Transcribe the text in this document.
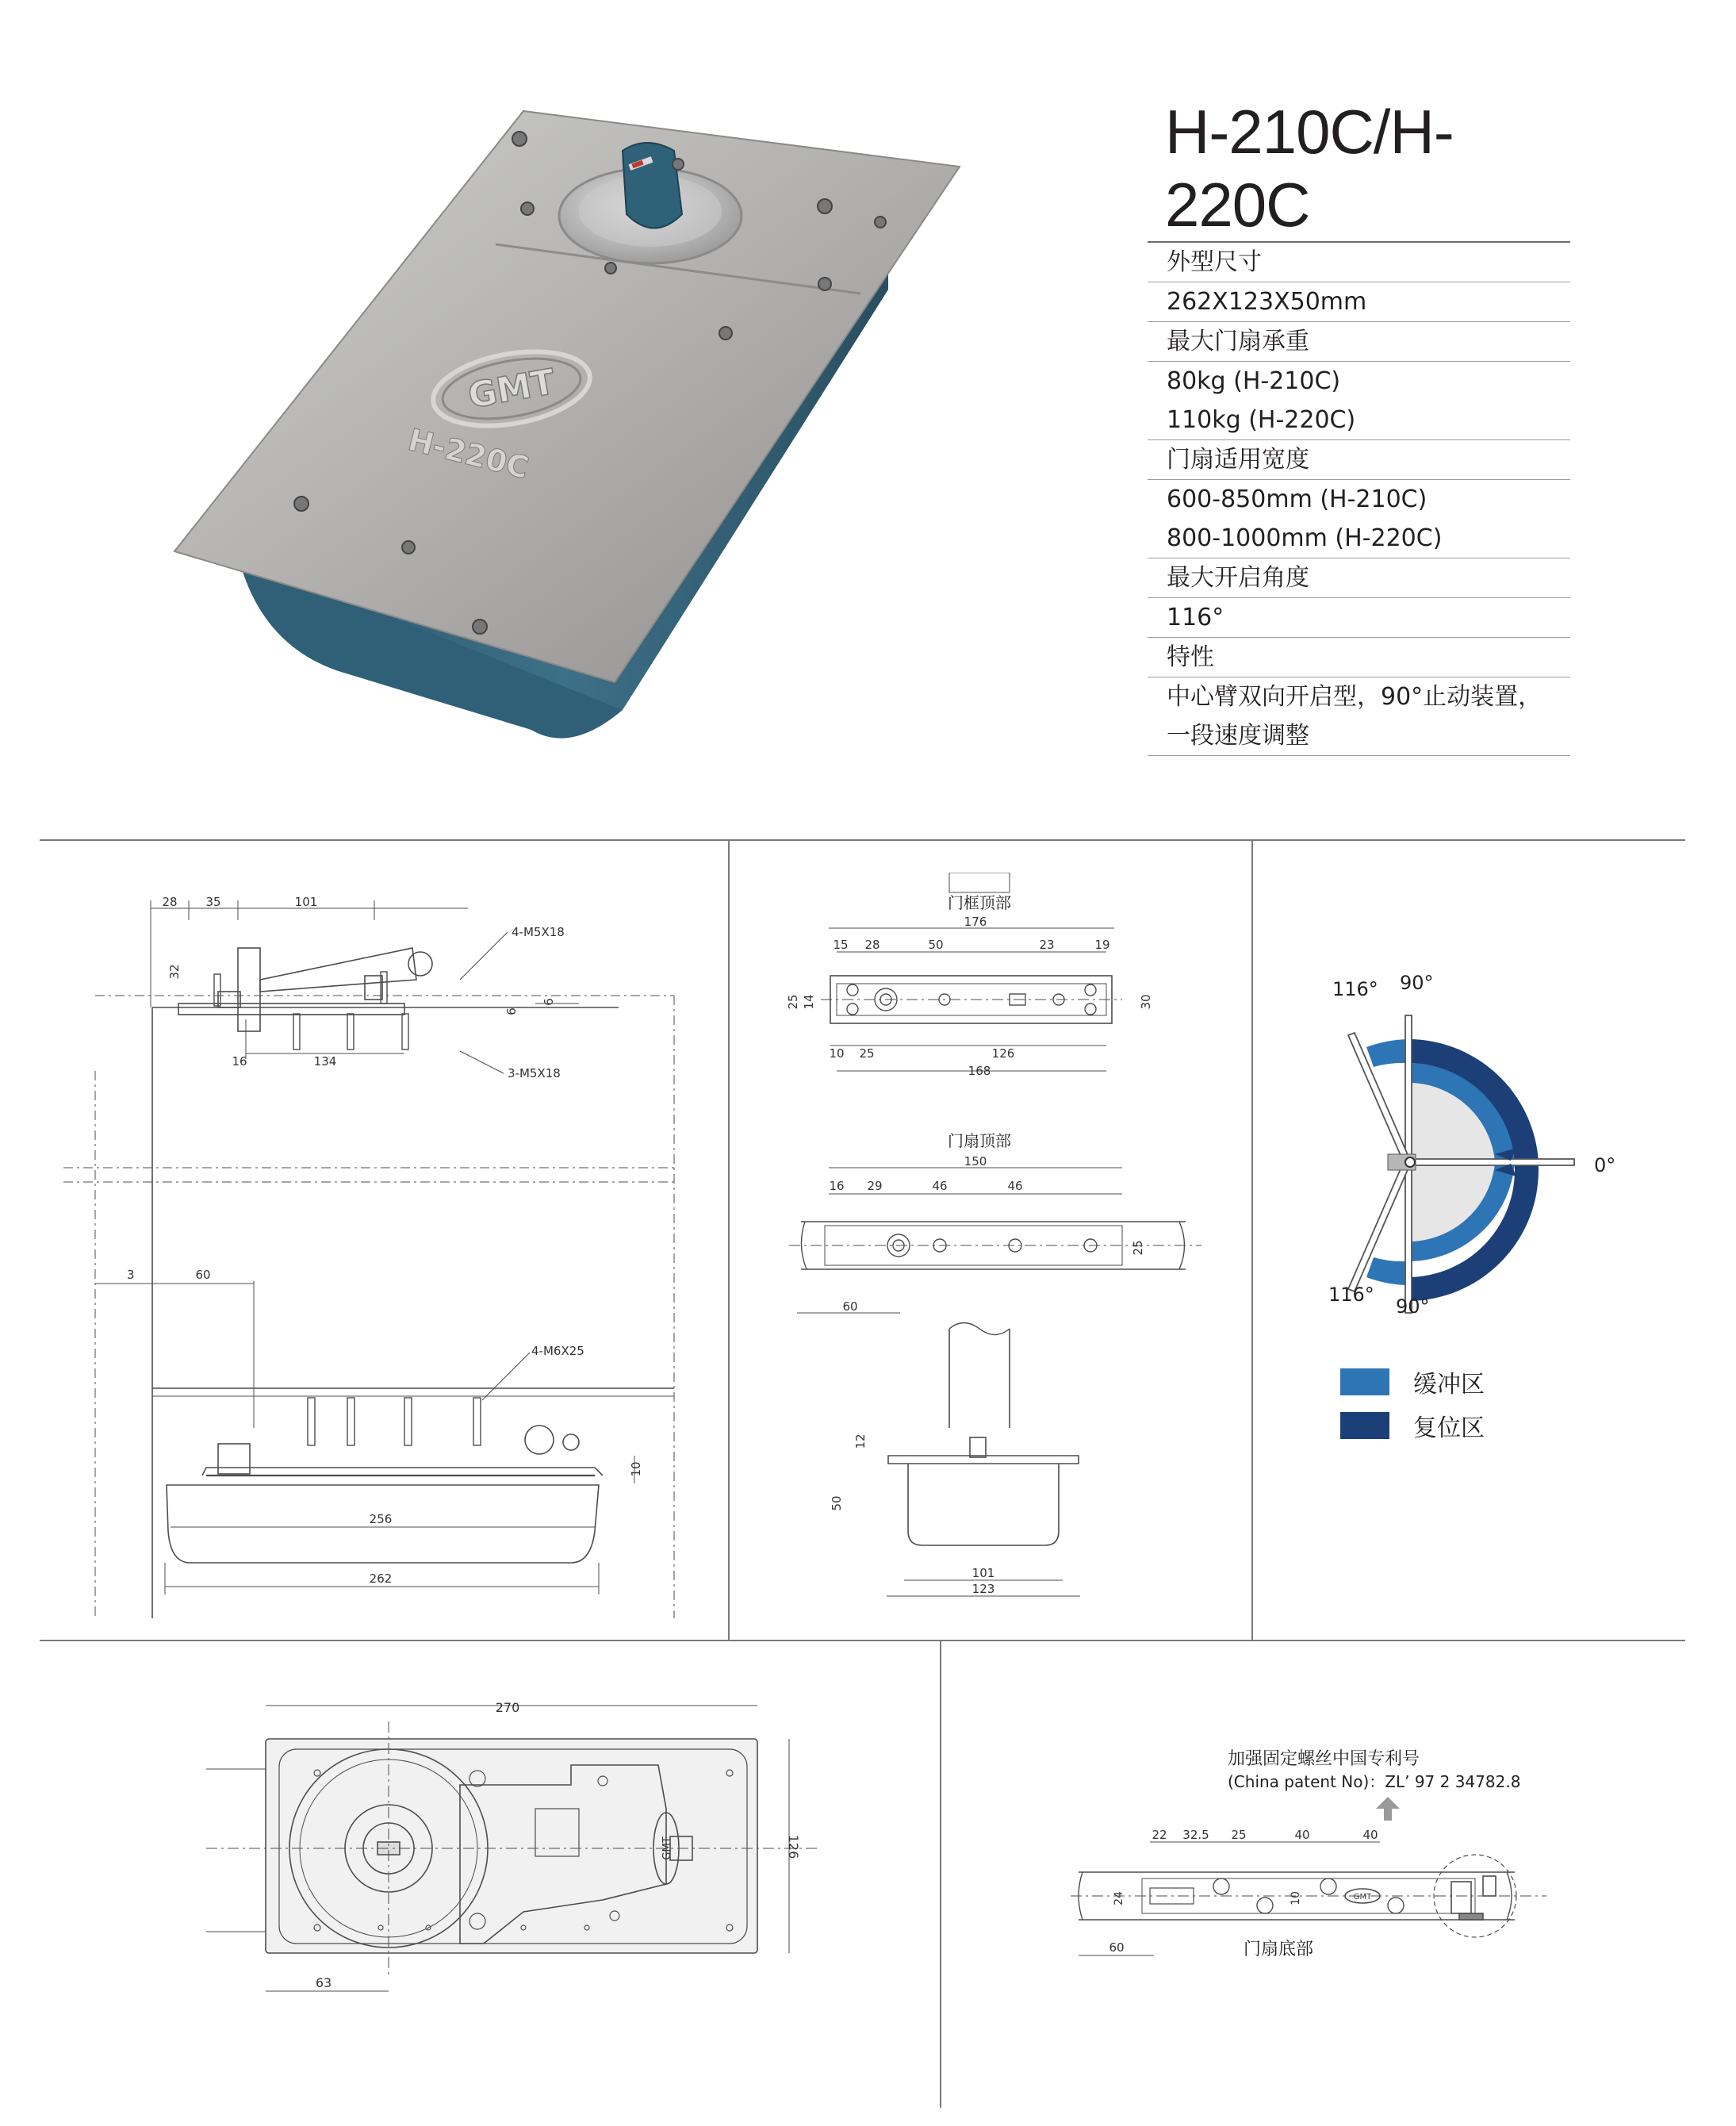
GMT
H-220C
H-210C/H-220C
外型尺寸
262X123X50mm
最大门扇承重
80kg (H-210C)
110kg (H-220C)
门扇适用宽度
600-850mm (H-210C)
800-1000mm (H-220C)
最大开启角度
116°
特性
中心臂双向开启型，90°止动装置，
一段速度调整
28 35	101
32
16	134
6
6
4-M5X18
3-M5X18
3	60
4-M6X25
10
256
262
门框顶部
176
15 28	50	23	19
25 14	30
10 25	126
168
门扇顶部
150
16 29	46	46
25
60
12
50
101
123
116° 90°
0°
116°
90°
缓冲区
复位区
270
GMT	126
63
加强固定螺丝中国专利号
(China patent No)：ZL’ 97 2 34782.8
22 32.5 25	40	40
GMT
24	10
60	门扇底部
